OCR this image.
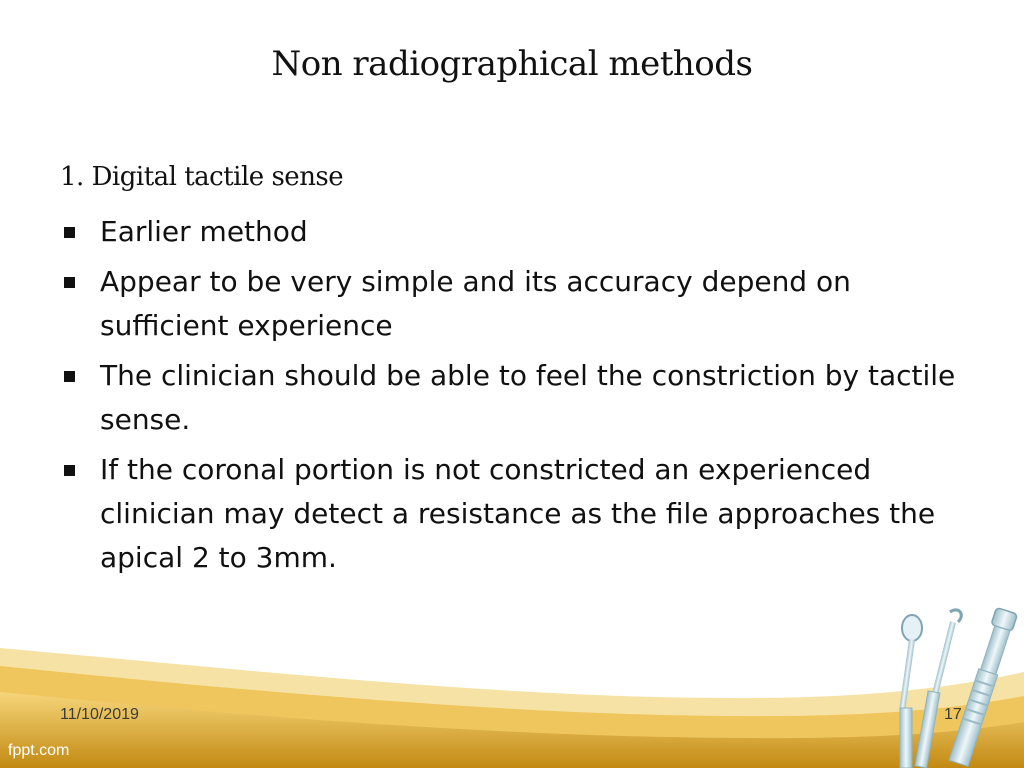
Non radiographical methods
1. Digital tactile sense
Earlier method
Appear to be very simple and its accuracy depend on sufficient experience
The clinician should be able to feel the constriction by tactile sense.
If the coronal portion is not constricted an experienced clinician may detect a resistance as the file approaches the apical 2 to 3mm.
11/10/2019	17
fppt.com
